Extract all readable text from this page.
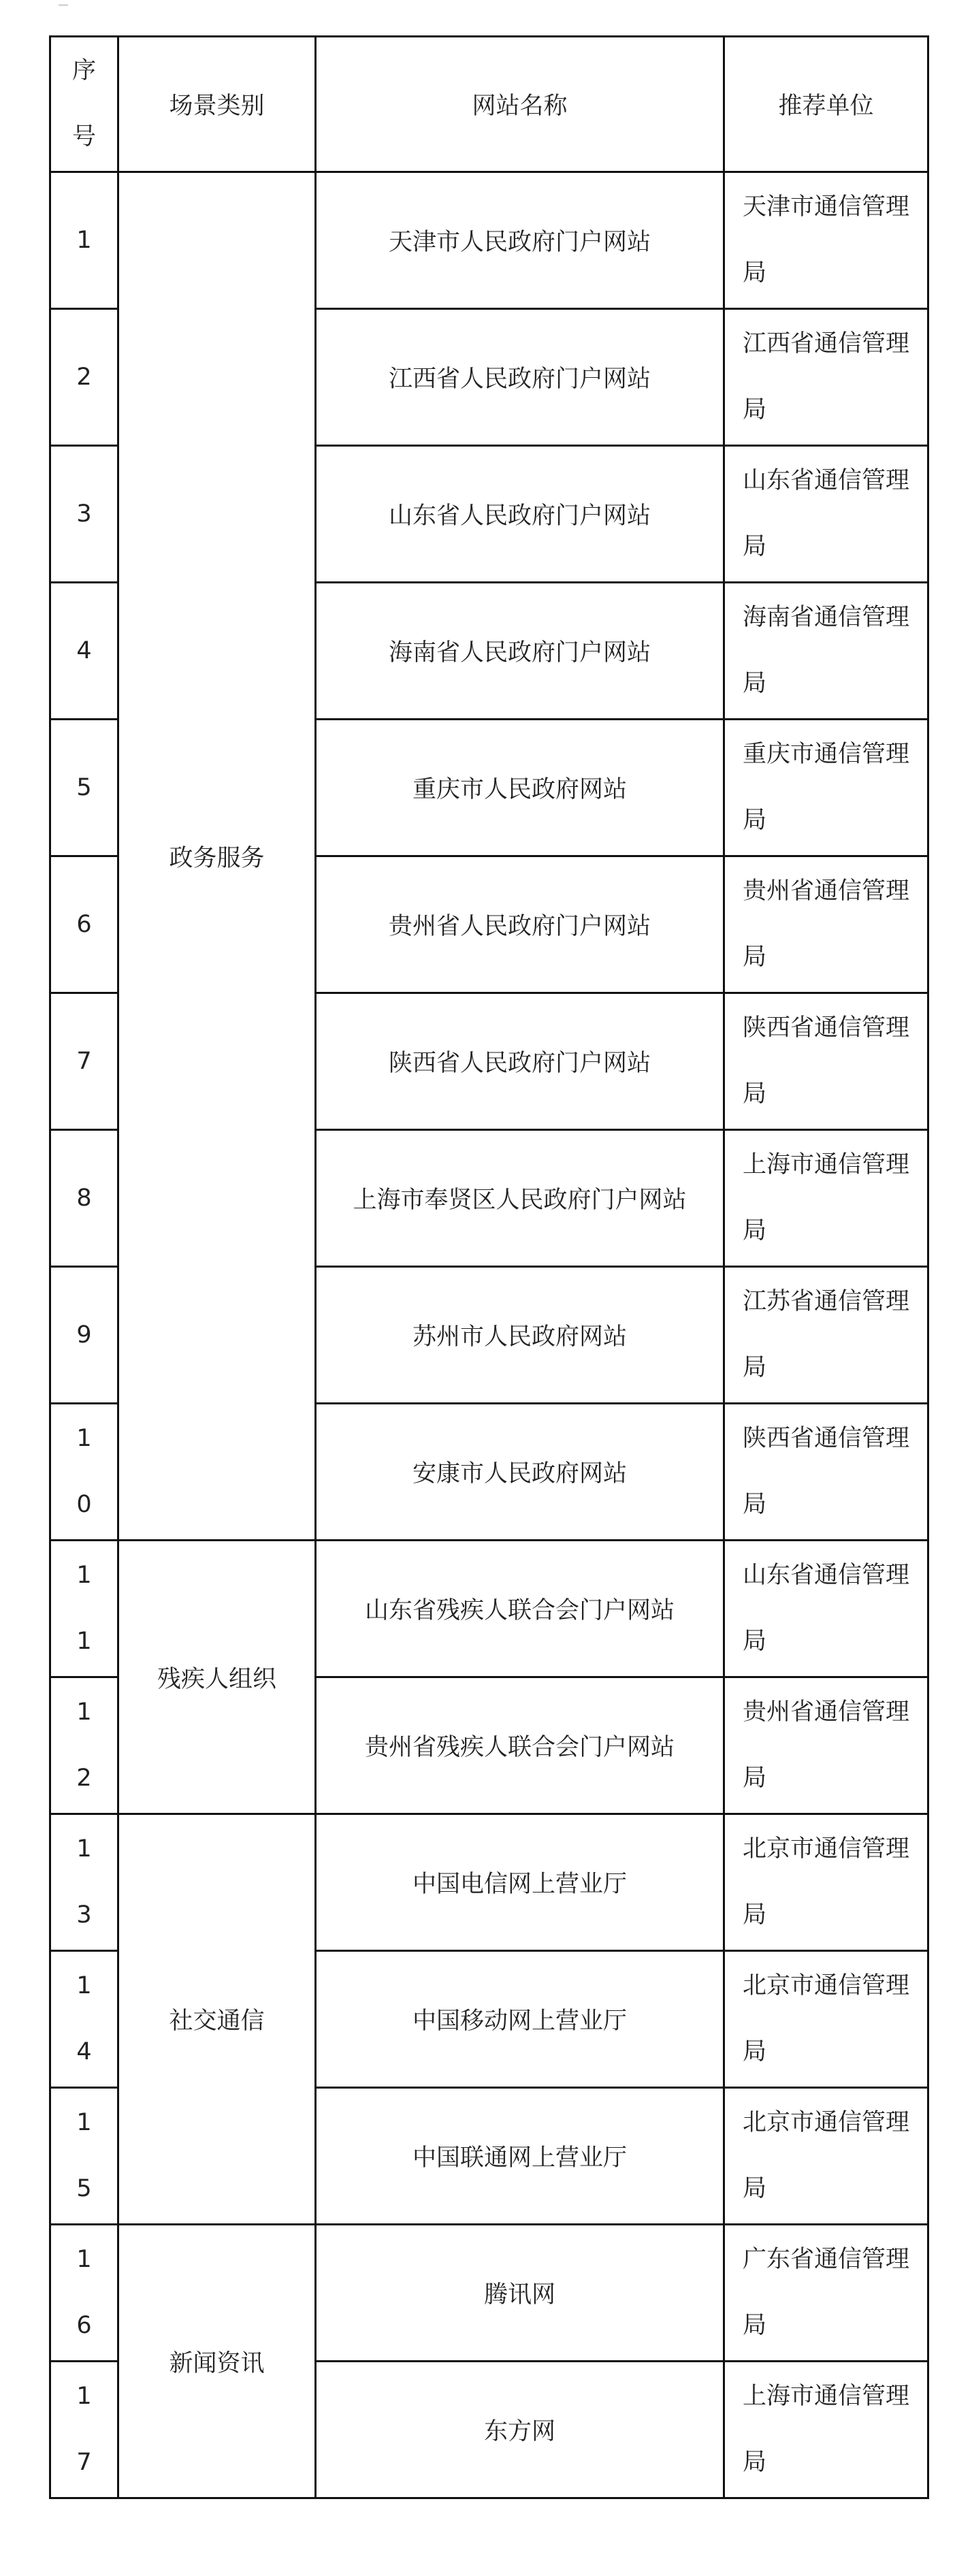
序号	场景类别	网站名称	推荐单位
1	政务服务	天津市人民政府门户网站	天津市通信管理局
2		江西省人民政府门户网站	江西省通信管理局
3		山东省人民政府门户网站	山东省通信管理局
4		海南省人民政府门户网站	海南省通信管理局
5		重庆市人民政府网站	重庆市通信管理局
6		贵州省人民政府门户网站	贵州省通信管理局
7		陕西省人民政府门户网站	陕西省通信管理局
8		上海市奉贤区人民政府门户网站	上海市通信管理局
9		苏州市人民政府网站	江苏省通信管理局
10		安康市人民政府网站	陕西省通信管理局
11	残疾人组织	山东省残疾人联合会门户网站	山东省通信管理局
12		贵州省残疾人联合会门户网站	贵州省通信管理局
13	社交通信	中国电信网上营业厅	北京市通信管理局
14		中国移动网上营业厅	北京市通信管理局
15		中国联通网上营业厅	北京市通信管理局
16	新闻资讯	腾讯网	广东省通信管理局
17		东方网	上海市通信管理局
